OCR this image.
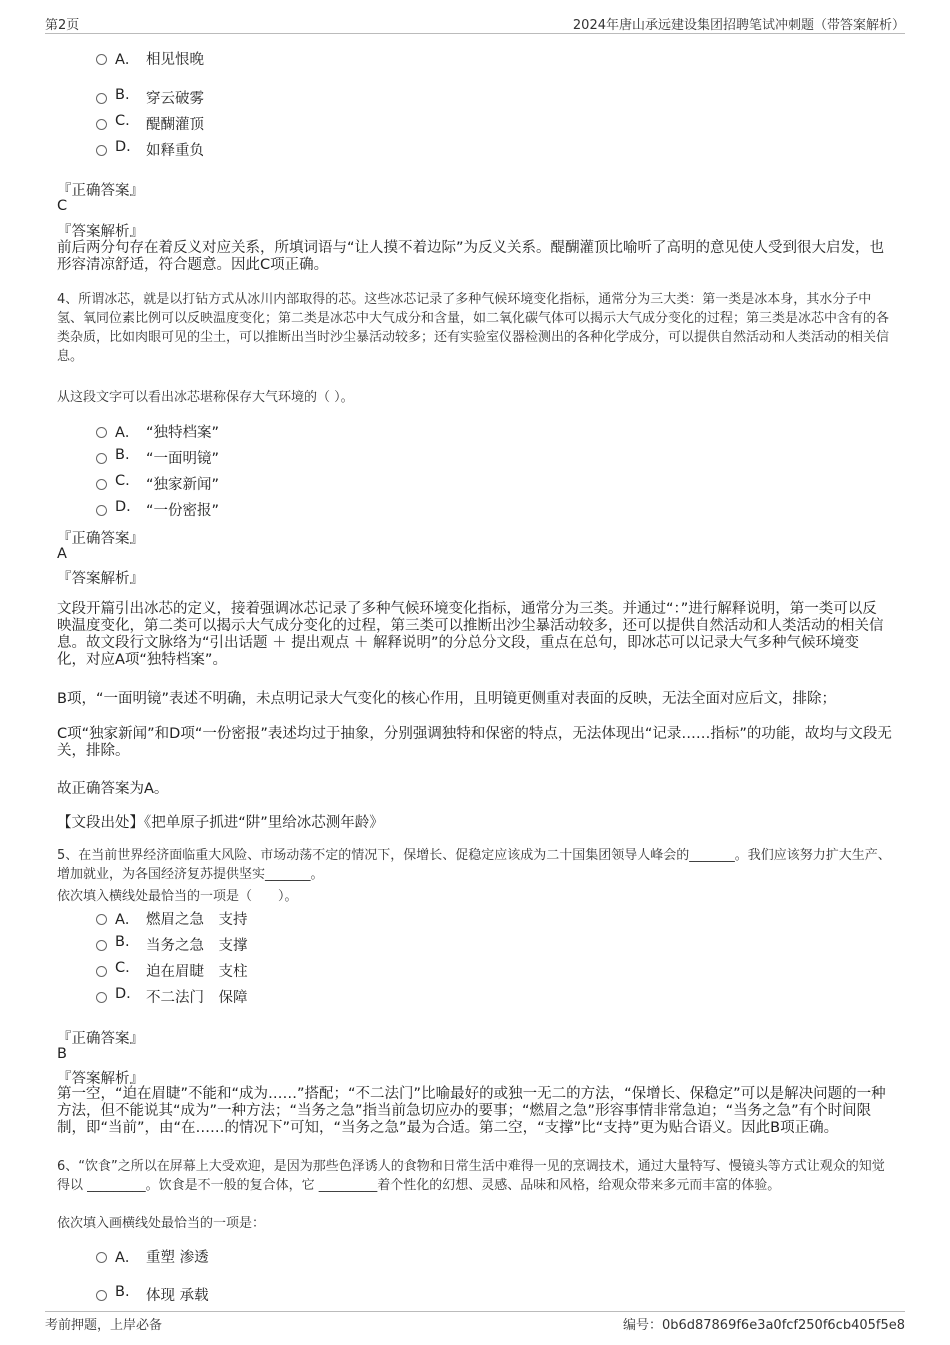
第2页	2024年唐山承远建设集团招聘笔试冲刺题（带答案解析）
A． 相见恨晚
B. 穿云破雾
C. 醍醐灌顶
D. 如释重负
『正确答案』
C
『答案解析』
前后两分句存在着反义对应关系，所填词语与“让人摸不着边际”为反义关系。醍醐灌顶比喻听了高明的意见使人受到很大启发，也形容清凉舒适，符合题意。因此C项正确。
4、所谓冰芯，就是以打钻方式从冰川内部取得的芯。这些冰芯记录了多种气候环境变化指标，通常分为三大类：第一类是冰本身，其水分子中氢、氧同位素比例可以反映温度变化；第二类是冰芯中大气成分和含量，如二氧化碳气体可以揭示大气成分变化的过程；第三类是冰芯中含有的各类杂质，比如肉眼可见的尘土，可以推断出当时沙尘暴活动较多；还有实验室仪器检测出的各种化学成分，可以提供自然活动和人类活动的相关信息。
从这段文字可以看出冰芯堪称保存大气环境的（ ）。
A． “独特档案”
B. “一面明镜”
C. “独家新闻”
D. “一份密报”
『正确答案』
A
『答案解析』
文段开篇引出冰芯的定义，接着强调冰芯记录了多种气候环境变化指标，通常分为三类。并通过“：”进行解释说明，第一类可以反映温度变化，第二类可以揭示大气成分变化的过程，第三类可以推断出沙尘暴活动较多，还可以提供自然活动和人类活动的相关信息。故文段行文脉络为“引出话题 ＋ 提出观点 ＋ 解释说明”的分总分文段，重点在总句，即冰芯可以记录大气多种气候环境变化，对应A项“独特档案”。
B项，“一面明镜”表述不明确，未点明记录大气变化的核心作用，且明镜更侧重对表面的反映，无法全面对应后文，排除；
C项“独家新闻”和D项“一份密报”表述均过于抽象，分别强调独特和保密的特点，无法体现出“记录……指标”的功能，故均与文段无关，排除。
故正确答案为A。
【文段出处】《把单原子抓进“阱”里给冰芯测年龄》
5、在当前世界经济面临重大风险、市场动荡不定的情况下，保增长、促稳定应该成为二十国集团领导人峰会的_______。我们应该努力扩大生产、增加就业，为各国经济复苏提供坚实_______。
依次填入横线处最恰当的一项是（　　）。
A． 燃眉之急　支持
B. 当务之急　支撑
C. 迫在眉睫　支柱
D. 不二法门　保障
『正确答案』
B
『答案解析』
第一空，“迫在眉睫”不能和“成为……”搭配；“不二法门”比喻最好的或独一无二的方法，“保增长、保稳定”可以是解决问题的一种方法，但不能说其“成为”一种方法；“当务之急”指当前急切应办的要事；“燃眉之急”形容事情非常急迫；“当务之急”有个时间限制，即“当前”，由“在……的情况下”可知，“当务之急”最为合适。第二空，“支撑”比“支持”更为贴合语义。因此B项正确。
6、“饮食”之所以在屏幕上大受欢迎，是因为那些色泽诱人的食物和日常生活中难得一见的烹调技术，通过大量特写、慢镜头等方式让观众的知觉得以 _________。饮食是不一般的复合体，它 _________着个性化的幻想、灵感、品味和风格，给观众带来多元而丰富的体验。
依次填入画横线处最恰当的一项是：
A． 重塑 渗透
B. 体现 承载
考前押题，上岸必备	编号：0b6d87869f6e3a0fcf250f6cb405f5e8
